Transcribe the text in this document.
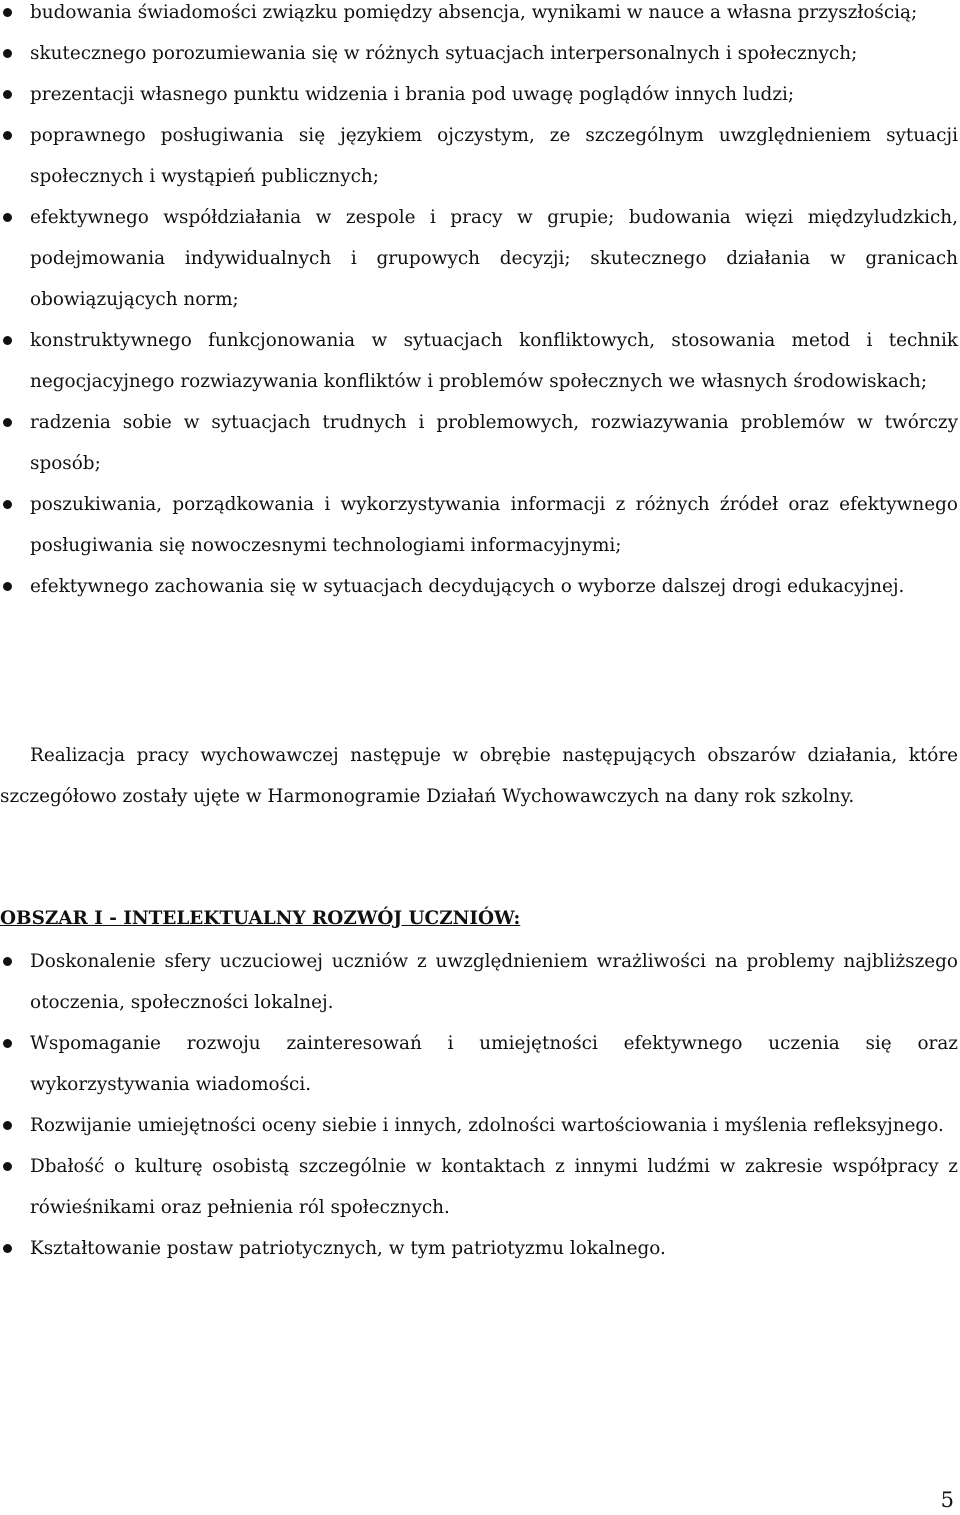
budowania świadomości związku pomiędzy absencja, wynikami w nauce a własna przyszłością;
skutecznego porozumiewania się w różnych sytuacjach interpersonalnych i społecznych;
prezentacji własnego punktu widzenia i brania pod uwagę poglądów innych ludzi;
poprawnego posługiwania się językiem ojczystym, ze szczególnym uwzględnieniem sytuacji społecznych i wystąpień publicznych;
efektywnego współdziałania w zespole i pracy w grupie; budowania więzi międzyludzkich, podejmowania indywidualnych i grupowych decyzji; skutecznego działania w granicach obowiązujących norm;
konstruktywnego funkcjonowania w sytuacjach konfliktowych, stosowania metod i technik negocjacyjnego rozwiazywania konfliktów i problemów społecznych we własnych środowiskach;
radzenia sobie w sytuacjach trudnych i problemowych, rozwiazywania problemów w twórczy sposób;
poszukiwania, porządkowania i wykorzystywania informacji z różnych źródeł oraz efektywnego posługiwania się nowoczesnymi technologiami informacyjnymi;
efektywnego zachowania się w sytuacjach decydujących o wyborze dalszej drogi edukacyjnej.

Realizacja pracy wychowawczej następuje w obrębie następujących obszarów działania, które szczegółowo zostały ujęte w Harmonogramie Działań Wychowawczych na dany rok szkolny.

OBSZAR I - INTELEKTUALNY ROZWÓJ UCZNIÓW:

Doskonalenie sfery uczuciowej uczniów z uwzględnieniem wrażliwości na problemy najbliższego otoczenia, społeczności lokalnej.
Wspomaganie rozwoju zainteresowań i umiejętności efektywnego uczenia się oraz wykorzystywania wiadomości.
Rozwijanie umiejętności oceny siebie i innych, zdolności wartościowania i myślenia refleksyjnego.
Dbałość o kulturę osobistą szczególnie w kontaktach z innymi ludźmi w zakresie współpracy z rówieśnikami oraz pełnienia ról społecznych.
Kształtowanie postaw patriotycznych, w tym patriotyzmu lokalnego.

5
